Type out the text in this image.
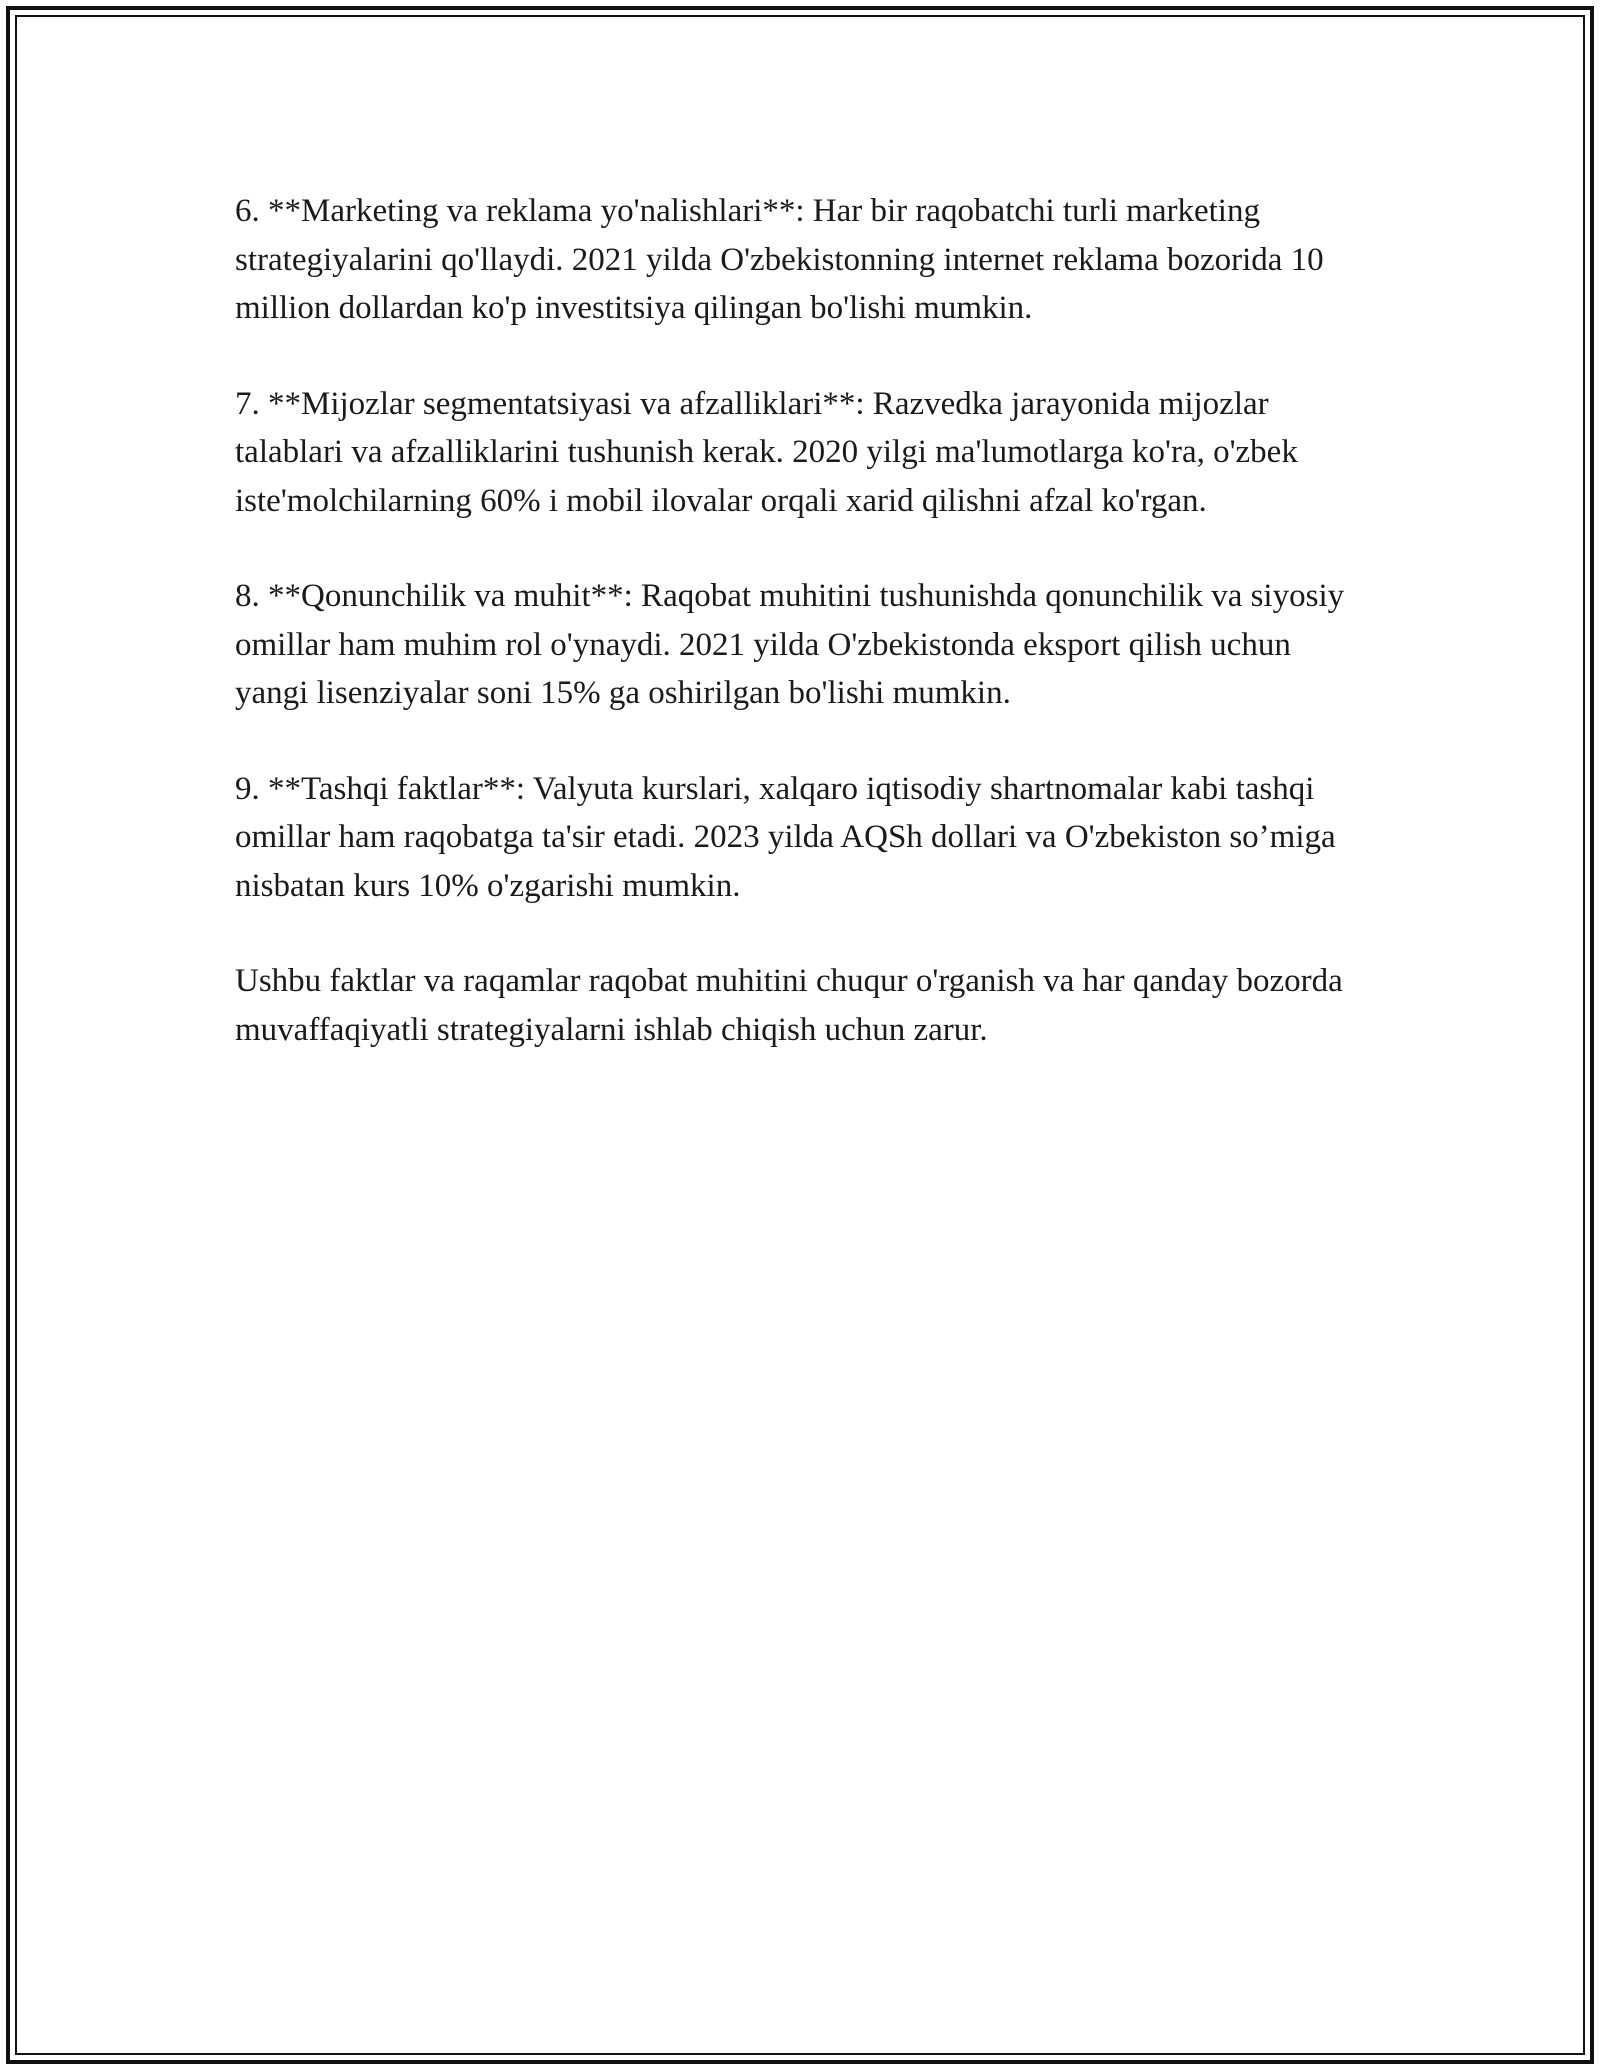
6. **Marketing va reklama yo'nalishlari**: Har bir raqobatchi turli marketing strategiyalarini qo'llaydi. 2021 yilda O'zbekistonning internet reklama bozorida 10 million dollardan ko'p investitsiya qilingan bo'lishi mumkin.

7. **Mijozlar segmentatsiyasi va afzalliklari**: Razvedka jarayonida mijozlar talablari va afzalliklarini tushunish kerak. 2020 yilgi ma'lumotlarga ko'ra, o'zbek iste'molchilarning 60% i mobil ilovalar orqali xarid qilishni afzal ko'rgan.

8. **Qonunchilik va muhit**: Raqobat muhitini tushunishda qonunchilik va siyosiy omillar ham muhim rol o'ynaydi. 2021 yilda O'zbekistonda eksport qilish uchun yangi lisenziyalar soni 15% ga oshirilgan bo'lishi mumkin.

9. **Tashqi faktlar**: Valyuta kurslari, xalqaro iqtisodiy shartnomalar kabi tashqi omillar ham raqobatga ta'sir etadi. 2023 yilda AQSh dollari va O'zbekiston so’miga nisbatan kurs 10% o'zgarishi mumkin.

Ushbu faktlar va raqamlar raqobat muhitini chuqur o'rganish va har qanday bozorda muvaffaqiyatli strategiyalarni ishlab chiqish uchun zarur.
